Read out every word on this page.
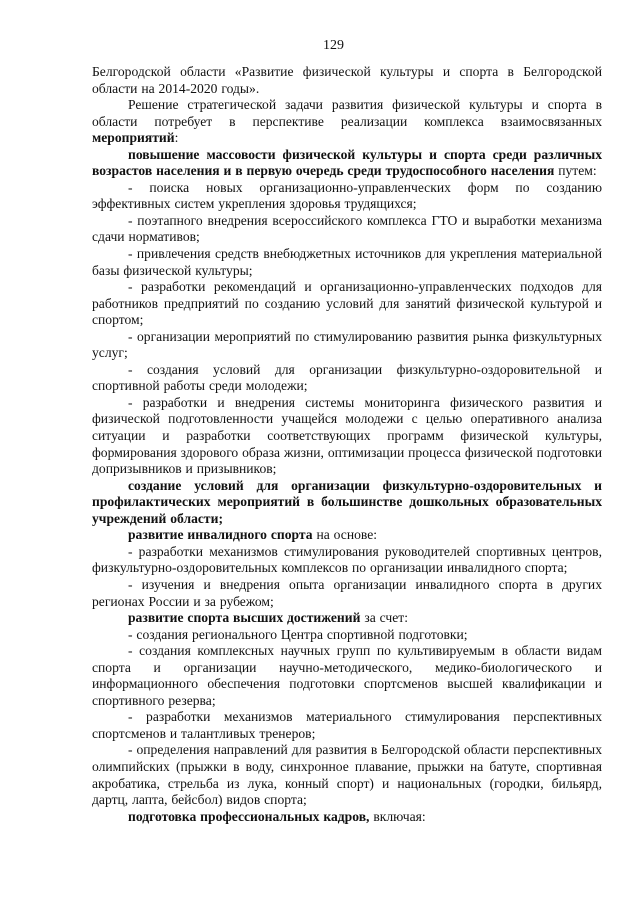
129

Белгородской области «Развитие физической культуры и спорта в Белгородской области на 2014-2020 годы».

Решение стратегической задачи развития физической культуры и спорта в области потребует в перспективе реализации комплекса взаимосвязанных мероприятий:

повышение массовости физической культуры и спорта среди различных возрастов населения и в первую очередь среди трудоспособного населения путем:

- поиска новых организационно-управленческих форм по созданию эффективных систем укрепления здоровья трудящихся;

- поэтапного внедрения всероссийского комплекса ГТО и выработки механизма сдачи нормативов;

- привлечения средств внебюджетных источников для укрепления материальной базы физической культуры;

- разработки рекомендаций и организационно-управленческих подходов для работников предприятий по созданию условий для занятий физической культурой и спортом;

- организации мероприятий по стимулированию развития рынка физкультурных услуг;

- создания условий для организации физкультурно-оздоровительной и спортивной работы среди молодежи;

- разработки и внедрения системы мониторинга физического развития и физической подготовленности учащейся молодежи с целью оперативного анализа ситуации и разработки соответствующих программ физической культуры, формирования здорового образа жизни, оптимизации процесса физической подготовки допризывников и призывников;

создание условий для организации физкультурно-оздоровительных и профилактических мероприятий в большинстве дошкольных образовательных учреждений области;

развитие инвалидного спорта на основе:

- разработки механизмов стимулирования руководителей спортивных центров, физкультурно-оздоровительных комплексов по организации инвалидного спорта;

- изучения и внедрения опыта организации инвалидного спорта в других регионах России и за рубежом;

развитие спорта высших достижений за счет:

- создания регионального Центра спортивной подготовки;

- создания комплексных научных групп по культивируемым в области видам спорта и организации научно-методического, медико-биологического и информационного обеспечения подготовки спортсменов высшей квалификации и спортивного резерва;

- разработки механизмов материального стимулирования перспективных спортсменов и талантливых тренеров;

- определения направлений для развития в Белгородской области перспективных олимпийских (прыжки в воду, синхронное плавание, прыжки на батуте, спортивная акробатика, стрельба из лука, конный спорт) и национальных (городки, бильярд, дартц, лапта, бейсбол) видов спорта;

подготовка профессиональных кадров, включая:
